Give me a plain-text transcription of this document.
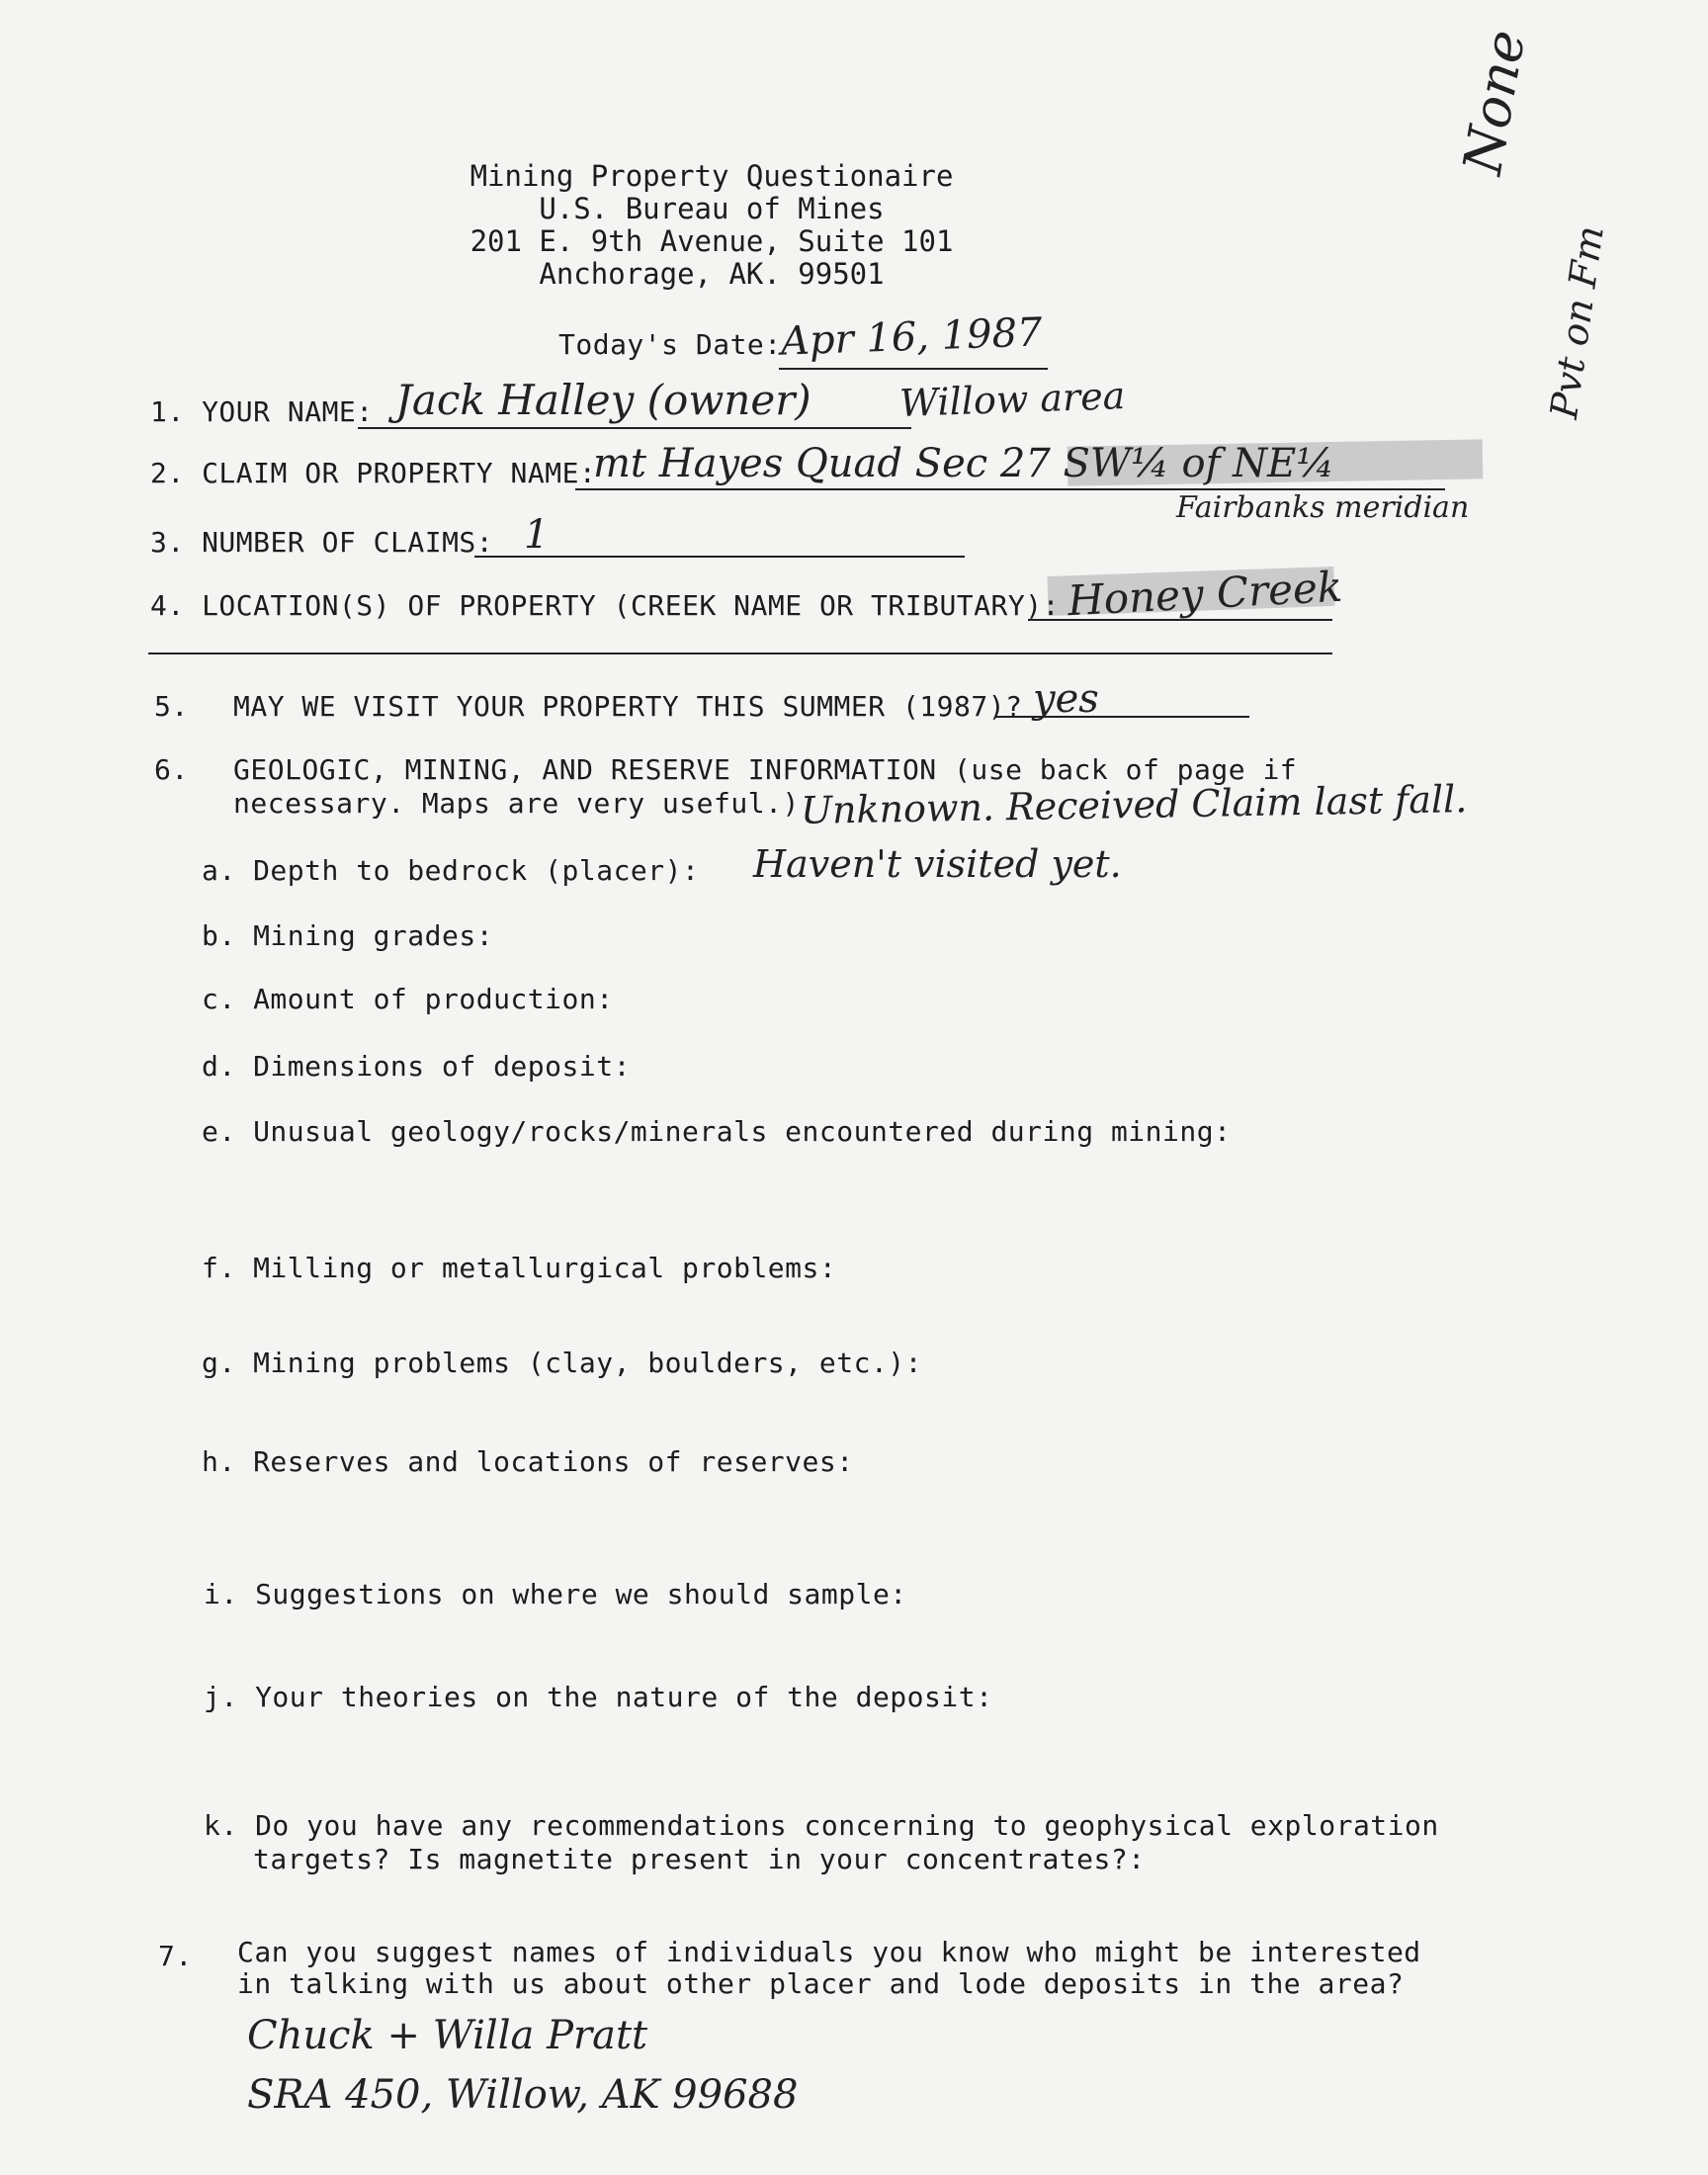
Mining Property Questionaire
U.S. Bureau of Mines
201 E. 9th Avenue, Suite 101
Anchorage, AK. 99501
None
Pvt on Fm
Today's Date:
Apr 16, 1987
1. YOUR NAME: Jack Halley (owner) Willow area
2. CLAIM OR PROPERTY NAME:
mt Hayes Quad Sec 27 SW¼ of NE¼
Fairbanks meridian
3. NUMBER OF CLAIMS: 1
4. LOCATION(S) OF PROPERTY (CREEK NAME OR TRIBUTARY): Honey Creek
5. MAY WE VISIT YOUR PROPERTY THIS SUMMER (1987)? yes
6. GEOLOGIC, MINING, AND RESERVE INFORMATION (use back of page if
necessary. Maps are very useful.) Unknown. Received Claim last fall.
Haven't visited yet.
a. Depth to bedrock (placer):
b. Mining grades:
c. Amount of production:
d. Dimensions of deposit:
e. Unusual geology/rocks/minerals encountered during mining:
f. Milling or metallurgical problems:
g. Mining problems (clay, boulders, etc.):
h. Reserves and locations of reserves:
i. Suggestions on where we should sample:
j. Your theories on the nature of the deposit:
k. Do you have any recommendations concerning to geophysical exploration
targets? Is magnetite present in your concentrates?:
7. Can you suggest names of individuals you know who might be interested
in talking with us about other placer and lode deposits in the area?
Chuck + Willa Pratt
SRA 450, Willow, AK 99688
